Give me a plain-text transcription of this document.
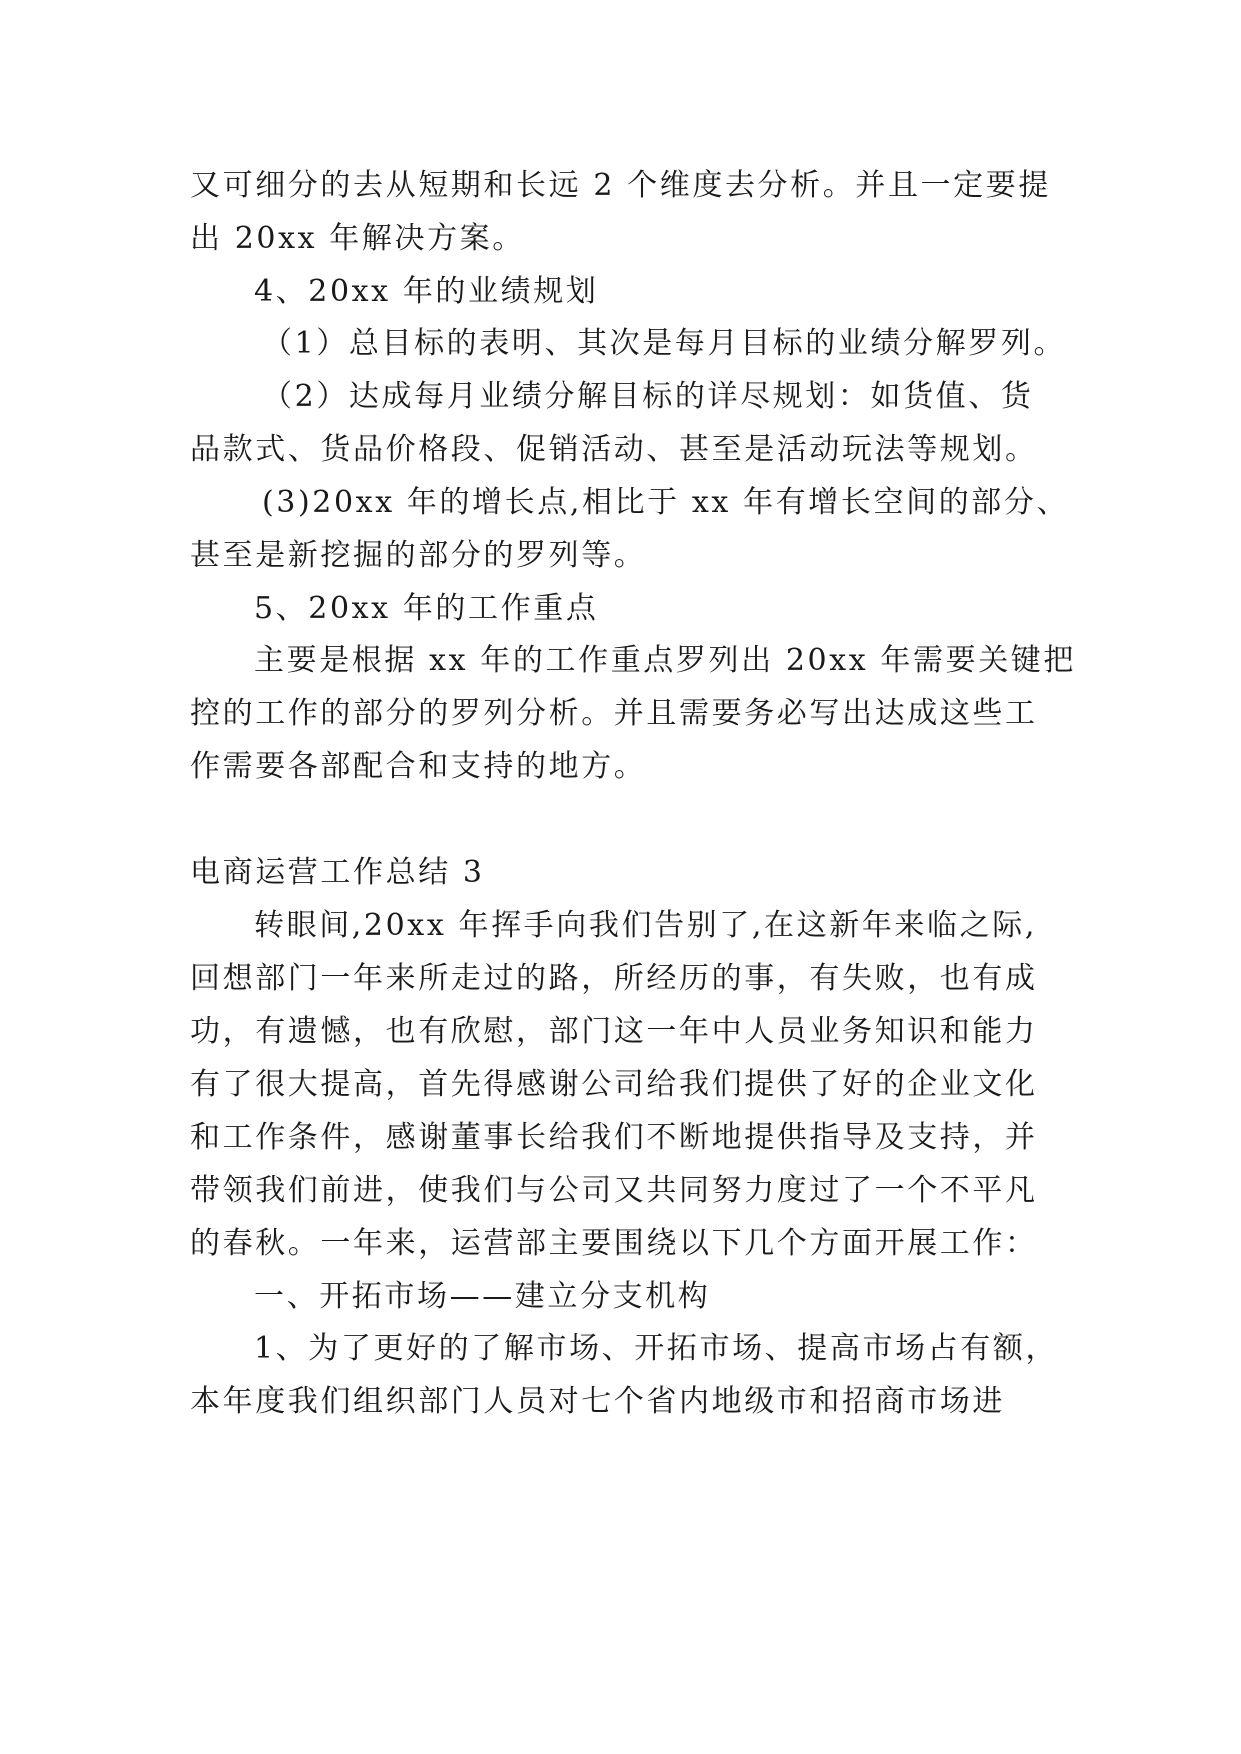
又可细分的去从短期和长远 2 个维度去分析。并且一定要提
出 20xx 年解决方案。
4、20xx 年的业绩规划
（1）总目标的表明、其次是每月目标的业绩分解罗列。
（2）达成每月业绩分解目标的详尽规划：如货值、货
品款式、货品价格段、促销活动、甚至是活动玩法等规划。
(3)20xx 年的增长点,相比于 xx 年有增长空间的部分、
甚至是新挖掘的部分的罗列等。
5、20xx 年的工作重点
主要是根据 xx 年的工作重点罗列出 20xx 年需要关键把
控的工作的部分的罗列分析。并且需要务必写出达成这些工
作需要各部配合和支持的地方。
电商运营工作总结 3
转眼间,20xx 年挥手向我们告别了,在这新年来临之际,
回想部门一年来所走过的路，所经历的事，有失败，也有成
功，有遗憾，也有欣慰，部门这一年中人员业务知识和能力
有了很大提高，首先得感谢公司给我们提供了好的企业文化
和工作条件，感谢董事长给我们不断地提供指导及支持，并
带领我们前进，使我们与公司又共同努力度过了一个不平凡
的春秋。一年来，运营部主要围绕以下几个方面开展工作：
一、开拓市场——建立分支机构
1、为了更好的了解市场、开拓市场、提高市场占有额，
本年度我们组织部门人员对七个省内地级市和招商市场进
